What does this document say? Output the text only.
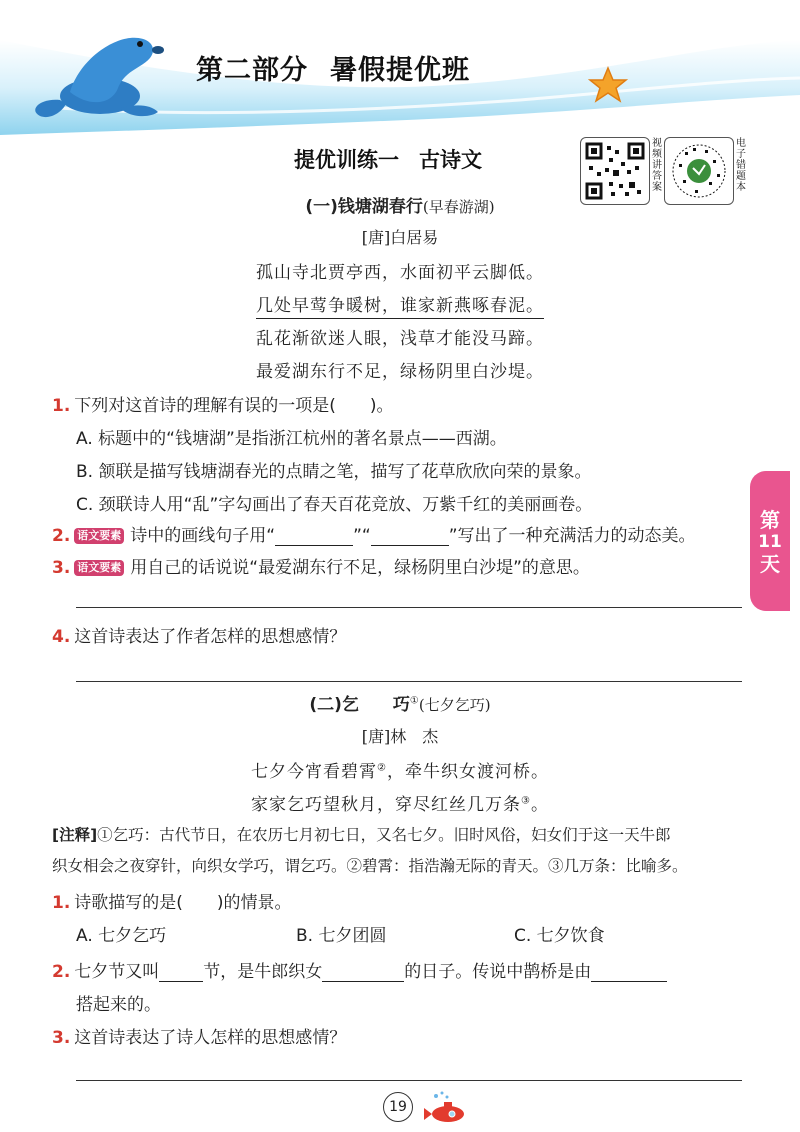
第二部分 暑假提优班
提优训练一 古诗文
视
频
讲
答
案
电
子
错
题
本
(一)钱塘湖春行(早春游湖)
[唐]白居易
孤山寺北贾亭西，水面初平云脚低。
几处早莺争暖树，谁家新燕啄春泥。
乱花渐欲迷人眼，浅草才能没马蹄。
最爱湖东行不足，绿杨阴里白沙堤。
1. 下列对这首诗的理解有误的一项是(　　)。
A. 标题中的“钱塘湖”是指浙江杭州的著名景点——西湖。
B. 颔联是描写钱塘湖春光的点睛之笔，描写了花草欣欣向荣的景象。
C. 颈联诗人用“乱”字勾画出了春天百花竞放、万紫千红的美丽画卷。
2. 语文要素 诗中的画线句子用“	”“	”写出了一种充满活力的动态美。
3. 语文要素 用自己的话说说“最爱湖东行不足，绿杨阴里白沙堤”的意思。
4. 这首诗表达了作者怎样的思想感情？
第
11
天
(二)乞 巧①(七夕乞巧)
[唐]林　杰
七夕今宵看碧霄②，牵牛织女渡河桥。
家家乞巧望秋月，穿尽红丝几万条③。
[注释]①乞巧：古代节日，在农历七月初七日，又名七夕。旧时风俗，妇女们于这一天牛郎
织女相会之夜穿针，向织女学巧，谓乞巧。②碧霄：指浩瀚无际的青天。③几万条：比喻多。
1. 诗歌描写的是(　　)的情景。
A. 七夕乞巧	B. 七夕团圆	C. 七夕饮食
2. 七夕节又叫	节，是牛郎织女	的日子。传说中鹊桥是由
搭起来的。
3. 这首诗表达了诗人怎样的思想感情？
19
